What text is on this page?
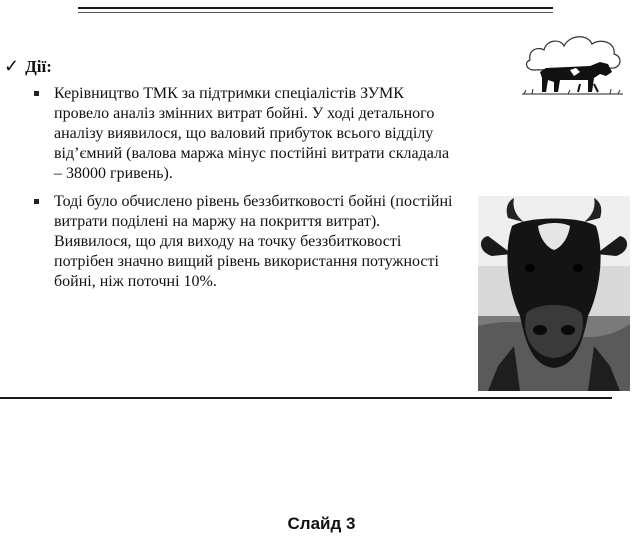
✓ Дії:
Керівництво ТМК за підтримки спеціалістів ЗУМК провело аналіз змінних витрат бойні. У ході детального аналізу виявилося, що валовий прибуток всього відділу від’ємний (валова маржа мінус постійні витрати складала – 38000 гривень).
Тоді було обчислено рівень беззбитковості бойні (постійні витрати поділені на маржу на покриття витрат). Виявилося, що для виходу на точку беззбитковості потрібен значно вищий рівень використання потужності бойні, ніж поточні 10%.
Слайд 3
